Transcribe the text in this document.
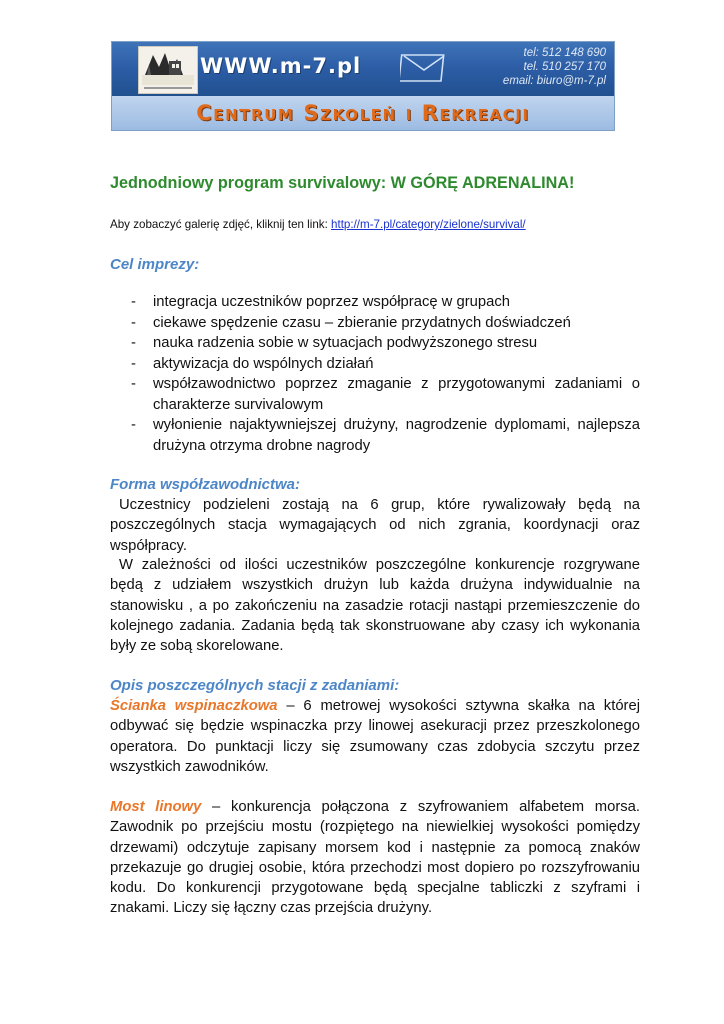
WWW.m-7.pl
tel: 512 148 690
tel. 510 257 170
email: biuro@m-7.pl
Centrum Szkoleń i Rekreacji
Jednodniowy program survivalowy: W GÓRĘ ADRENALINA!
Aby zobaczyć galerię zdjęć, kliknij ten link: http://m-7.pl/category/zielone/survival/
Cel imprezy:
- integracja uczestników poprzez współpracę w grupach
- ciekawe spędzenie czasu – zbieranie przydatnych doświadczeń
- nauka radzenia sobie w sytuacjach podwyższonego stresu
- aktywizacja do wspólnych działań
- współzawodnictwo poprzez zmaganie z przygotowanymi zadaniami o charakterze survivalowym
- wyłonienie najaktywniejszej drużyny, nagrodzenie dyplomami, najlepsza drużyna otrzyma drobne nagrody
Forma współzawodnictwa:

Uczestnicy podzieleni zostają na 6 grup, które rywalizowały będą na poszczególnych stacja wymagających od nich zgrania, koordynacji oraz współpracy.

W zależności od ilości uczestników poszczególne konkurencje rozgrywane będą z udziałem wszystkich drużyn lub każda drużyna indywidualnie na stanowisku , a po zakończeniu na zasadzie rotacji nastąpi przemieszczenie do kolejnego zadania. Zadania będą tak skonstruowane aby czasy ich wykonania były ze sobą skorelowane.

Opis poszczególnych stacji z zadaniami:

Ścianka wspinaczkowa – 6 metrowej wysokości sztywna skałka na której odbywać się będzie wspinaczka przy linowej asekuracji przez przeszkolonego operatora. Do punktacji liczy się zsumowany czas zdobycia szczytu przez wszystkich zawodników.

Most linowy – konkurencja połączona z szyfrowaniem alfabetem morsa. Zawodnik po przejściu mostu (rozpiętego na niewielkiej wysokości pomiędzy drzewami) odczytuje zapisany morsem kod i następnie za pomocą znaków przekazuje go drugiej osobie, która przechodzi most dopiero po rozszyfrowaniu kodu. Do konkurencji przygotowane będą specjalne tabliczki z szyframi i znakami. Liczy się łączny czas przejścia drużyny.
